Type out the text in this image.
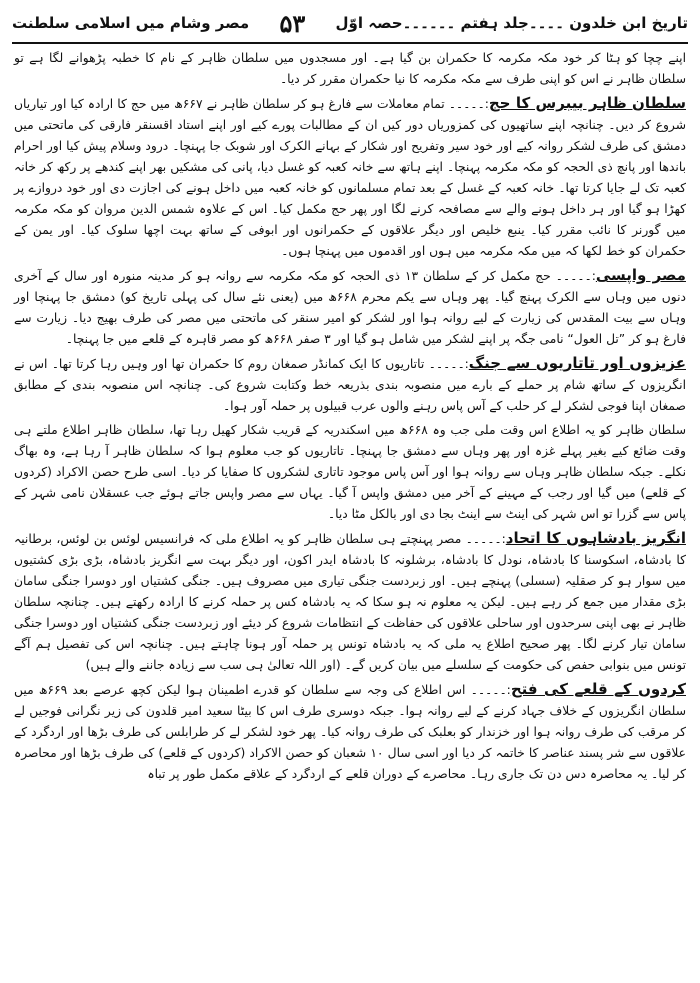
تاریخ ابن خلدون ۔۔۔۔جلد ہفتم ۔۔۔۔۔۔حصہ اوّل
۵۳
مصر وشام میں اسلامی سلطنت

اپنے چچا کو ہٹا کر خود مکہ مکرمہ کا حکمران بن گیا ہے۔ اور مسجدوں میں سلطان ظاہر کے نام کا خطبہ پڑھوانے لگا ہے تو سلطان ظاہر نے اس کو اپنی طرف سے مکہ مکرمہ کا نیا حکمران مقرر کر دیا۔

سلطان ظاہر بیبرس کا حج:۔۔۔۔۔ تمام معاملات سے فارغ ہو کر سلطان ظاہر نے ۶۶۷ھ میں حج کا ارادہ کیا اور تیاریاں شروع کر دیں۔ چنانچہ اپنے ساتھیوں کی کمزوریاں دور کیں ان کے مطالبات پورے کیے اور اپنے استاد اقسنقر فارقی کی ماتحتی میں دمشق کی طرف لشکر روانہ کیے اور خود سیر وتفریح اور شکار کے بہانے الکرک اور شوبک جا پہنچا۔ درود وسلام پیش کیا اور احرام باندھا اور پانچ ذی الحجہ کو مکہ مکرمہ پہنچا۔ اپنے ہاتھ سے خانہ کعبہ کو غسل دیا، پانی کی مشکیں بھر اپنے کندھے پر رکھ کر خانہ کعبہ تک لے جایا کرتا تھا۔ خانہ کعبہ کے غسل کے بعد تمام مسلمانوں کو خانہ کعبہ میں داخل ہونے کی اجازت دی اور خود دروازے پر کھڑا ہو گیا اور ہر داخل ہونے والے سے مصافحہ کرنے لگا اور پھر حج مکمل کیا۔ اس کے علاوہ شمس الدین مروان کو مکہ مکرمہ میں گورنر کا نائب مقرر کیا۔ ینبع خلیص اور دیگر علاقوں کے حکمرانوں اور ابوفی کے ساتھ بہت اچھا سلوک کیا۔ اور یمن کے حکمران کو خط لکھا کہ میں مکہ مکرمہ میں ہوں اور اقدموں میں پہنچا ہوں۔

مصر واپسی:۔۔۔۔۔ حج مکمل کر کے سلطان ۱۳ ذی الحجہ کو مکہ مکرمہ سے روانہ ہو کر مدینہ منورہ اور سال کے آخری دنوں میں وہاں سے الکرک پہنچ گیا۔ پھر وہاں سے یکم محرم ۶۶۸ھ میں (یعنی نئے سال کی پہلی تاریخ کو) دمشق جا پہنچا اور وہاں سے بیت المقدس کی زیارت کے لیے روانہ ہوا اور لشکر کو امیر سنقر کی ماتحتی میں مصر کی طرف بھیج دیا۔ زیارت سے فارغ ہو کر ”تل العول“ نامی جگہ پر اپنے لشکر میں شامل ہو گیا اور ۳ صفر ۶۶۸ھ کو مصر قاہرہ کے قلعے میں جا پہنچا۔

عزیزوں اور تاتاریوں سے جنگ:۔۔۔۔۔ تاتاریوں کا ایک کمانڈر صمغان روم کا حکمران تھا اور وہیں رہا کرتا تھا۔ اس نے انگریزوں کے ساتھ شام پر حملے کے بارے میں منصوبہ بندی بذریعہ خط وکتابت شروع کی۔ چنانچہ اس منصوبہ بندی کے مطابق صمغان اپنا فوجی لشکر لے کر حلب کے آس پاس رہنے والوں عرب قبیلوں پر حملہ آور ہوا۔

سلطان ظاہر کو یہ اطلاع اس وقت ملی جب وہ ۶۶۸ھ میں اسکندریہ کے قریب شکار کھیل رہا تھا، سلطان ظاہر اطلاع ملتے ہی وقت ضائع کیے بغیر پہلے غزہ اور پھر وہاں سے دمشق جا پہنچا۔ تاتاریوں کو جب معلوم ہوا کہ سلطان ظاہر آ رہا ہے، وہ بھاگ نکلے۔ جبکہ سلطان ظاہر وہاں سے روانہ ہوا اور آس پاس موجود تاتاری لشکروں کا صفایا کر دیا۔ اسی طرح حصن الاکراد (کردوں کے قلعے) میں گیا اور رجب کے مہینے کے آخر میں دمشق واپس آ گیا۔ یہاں سے مصر واپس جاتے ہوئے جب عسقلان نامی شہر کے پاس سے گزرا تو اس شہر کی اینٹ سے اینٹ بجا دی اور بالکل مٹا دیا۔

انگریز بادشاہوں کا اتحاد:۔۔۔۔۔ مصر پہنچتے ہی سلطان ظاہر کو یہ اطلاع ملی کہ فرانسیس لوئس بن لوئس، برطانیہ کا بادشاہ، اسکوسنا کا بادشاہ، نودل کا بادشاہ، برشلونہ کا بادشاہ ایدر اکون، اور دیگر بہت سے انگریز بادشاہ، بڑی بڑی کشتیوں میں سوار ہو کر صقلیہ (سسلی) پہنچے ہیں۔ اور زبردست جنگی تیاری میں مصروف ہیں۔ جنگی کشتیاں اور دوسرا جنگی سامان بڑی مقدار میں جمع کر رہے ہیں۔ لیکن یہ معلوم نہ ہو سکا کہ یہ بادشاہ کس پر حملہ کرنے کا ارادہ رکھتے ہیں۔ چنانچہ سلطان ظاہر نے بھی اپنی سرحدوں اور ساحلی علاقوں کی حفاظت کے انتظامات شروع کر دیئے اور زبردست جنگی کشتیاں اور دوسرا جنگی سامان تیار کرنے لگا۔ پھر صحیح اطلاع یہ ملی کہ یہ بادشاہ تونس پر حملہ آور ہونا چاہتے ہیں۔ چنانچہ اس کی تفصیل ہم آگے تونس میں بنوابی حفص کی حکومت کے سلسلے میں بیان کریں گے۔ (اور اللہ تعالیٰ ہی سب سے زیادہ جاننے والے ہیں)

کردوں کے قلعے کی فتح:۔۔۔۔۔ اس اطلاع کی وجہ سے سلطان کو قدرے اطمینان ہوا لیکن کچھ عرصے بعد ۶۶۹ھ میں سلطان انگریزوں کے خلاف جہاد کرنے کے لیے روانہ ہوا۔ جبکہ دوسری طرف اس کا بیٹا سعید امیر قلدون کی زیر نگرانی فوجیں لے کر مرقب کی طرف روانہ ہوا اور خزندار کو بعلبک کی طرف روانہ کیا۔ پھر خود لشکر لے کر طرابلس کی طرف بڑھا اور اردگرد کے علاقوں سے شر پسند عناصر کا خاتمہ کر دیا اور اسی سال ۱۰ شعبان کو حصن الاکراد (کردوں کے قلعے) کی طرف بڑھا اور محاصرہ کر لیا۔ یہ محاصرہ دس دن تک جاری رہا۔ محاصرے کے دوران قلعے کے اردگرد کے علاقے مکمل طور پر تباہ
